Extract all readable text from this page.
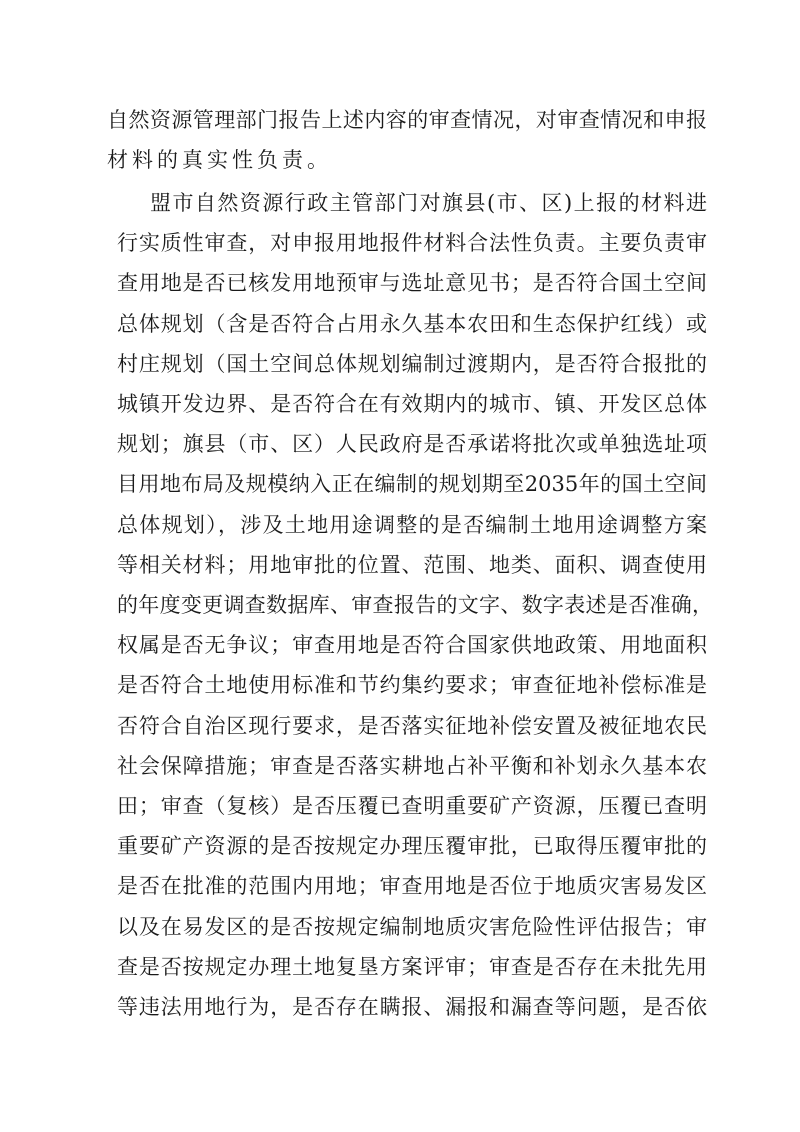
自然资源管理部门报告上述内容的审查情况，对审查情况和申报
材料的真实性负责。
盟市自然资源行政主管部门对旗县(市、区)上报的材料进
行实质性审查，对申报用地报件材料合法性负责。主要负责审
查用地是否已核发用地预审与选址意见书；是否符合国土空间
总体规划（含是否符合占用永久基本农田和生态保护红线）或
村庄规划（国土空间总体规划编制过渡期内，是否符合报批的
城镇开发边界、是否符合在有效期内的城市、镇、开发区总体
规划；旗县（市、区）人民政府是否承诺将批次或单独选址项
目用地布局及规模纳入正在编制的规划期至2035年的国土空间
总体规划），涉及土地用途调整的是否编制土地用途调整方案
等相关材料；用地审批的位置、范围、地类、面积、调查使用
的年度变更调查数据库、审查报告的文字、数字表述是否准确，
权属是否无争议；审查用地是否符合国家供地政策、用地面积
是否符合土地使用标准和节约集约要求；审查征地补偿标准是
否符合自治区现行要求，是否落实征地补偿安置及被征地农民
社会保障措施；审查是否落实耕地占补平衡和补划永久基本农
田；审查（复核）是否压覆已查明重要矿产资源，压覆已查明
重要矿产资源的是否按规定办理压覆审批，已取得压覆审批的
是否在批准的范围内用地；审查用地是否位于地质灾害易发区
以及在易发区的是否按规定编制地质灾害危险性评估报告；审
查是否按规定办理土地复垦方案评审；审查是否存在未批先用
等违法用地行为，是否存在瞒报、漏报和漏查等问题，是否依
